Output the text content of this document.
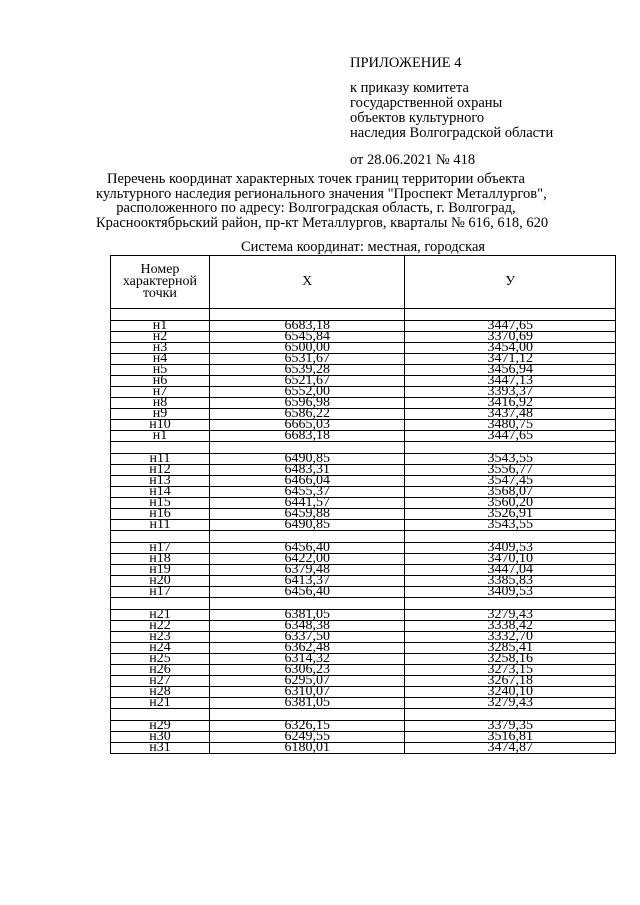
ПРИЛОЖЕНИЕ 4
к приказу комитета
государственной охраны
объектов культурного
наследия Волгоградской области
от 28.06.2021 № 418
Перечень координат характерных точек границ территории объекта
культурного наследия регионального значения "Проспект Металлургов",
расположенного по адресу: Волгоградская область, г. Волгоград,
Краснооктябрьский район, пр-кт Металлургов, кварталы № 616, 618, 620
Система координат: местная, городская
Номер
характерной
точки	X	У

н1	6683,18	3447,65
н2	6545,84	3370,69
н3	6500,00	3454,00
н4	6531,67	3471,12
н5	6539,28	3456,94
н6	6521,67	3447,13
н7	6552,00	3393,37
н8	6596,98	3416,92
н9	6586,22	3437,48
н10	6665,03	3480,75
н1	6683,18	3447,65

н11	6490,85	3543,55
н12	6483,31	3556,77
н13	6466,04	3547,45
н14	6455,37	3568,07
н15	6441,57	3560,20
н16	6459,88	3526,91
н11	6490,85	3543,55

н17	6456,40	3409,53
н18	6422,00	3470,10
н19	6379,48	3447,04
н20	6413,37	3385,83
н17	6456,40	3409,53

н21	6381,05	3279,43
н22	6348,38	3338,42
н23	6337,50	3332,70
н24	6362,48	3285,41
н25	6314,32	3258,16
н26	6306,23	3273,15
н27	6295,07	3267,18
н28	6310,07	3240,10
н21	6381,05	3279,43

н29	6326,15	3379,35
н30	6249,55	3516,81
н31	6180,01	3474,87
